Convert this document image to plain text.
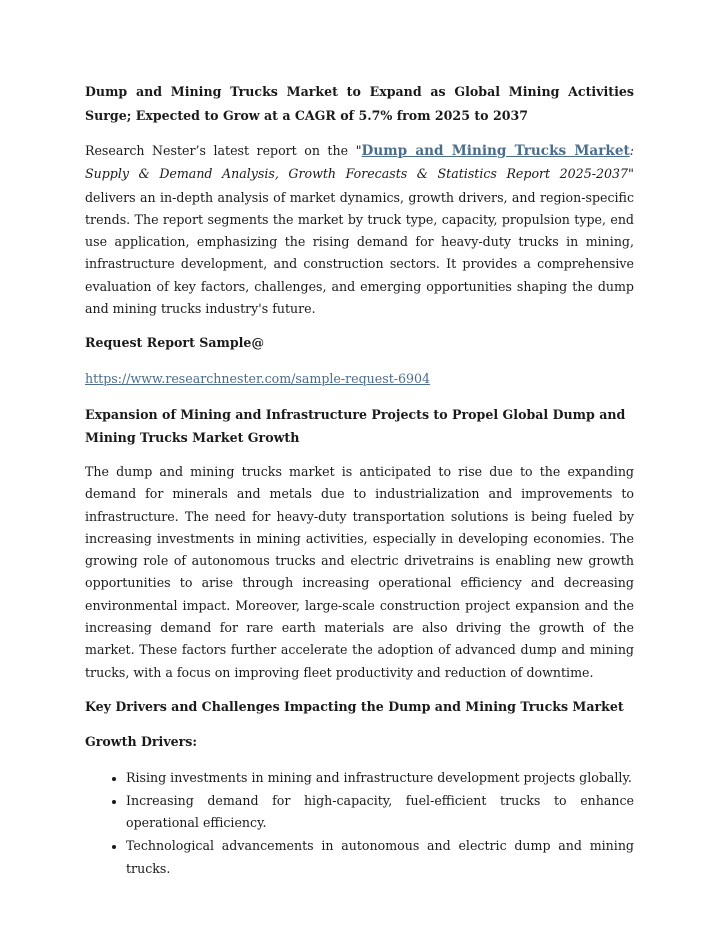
Dump and Mining Trucks Market to Expand as Global Mining Activities Surge; Expected to Grow at a CAGR of 5.7% from 2025 to 2037

Research Nester’s latest report on the "Dump and Mining Trucks Market: Supply & Demand Analysis, Growth Forecasts & Statistics Report 2025-2037" delivers an in-depth analysis of market dynamics, growth drivers, and region-specific trends. The report segments the market by truck type, capacity, propulsion type, end use application, emphasizing the rising demand for heavy-duty trucks in mining, infrastructure development, and construction sectors. It provides a comprehensive evaluation of key factors, challenges, and emerging opportunities shaping the dump and mining trucks industry's future.

Request Report Sample@

https://www.researchnester.com/sample-request-6904

Expansion of Mining and Infrastructure Projects to Propel Global Dump and Mining Trucks Market Growth

The dump and mining trucks market is anticipated to rise due to the expanding demand for minerals and metals due to industrialization and improvements to infrastructure. The need for heavy-duty transportation solutions is being fueled by increasing investments in mining activities, especially in developing economies. The growing role of autonomous trucks and electric drivetrains is enabling new growth opportunities to arise through increasing operational efficiency and decreasing environmental impact. Moreover, large-scale construction project expansion and the increasing demand for rare earth materials are also driving the growth of the market. These factors further accelerate the adoption of advanced dump and mining trucks, with a focus on improving fleet productivity and reduction of downtime.

Key Drivers and Challenges Impacting the Dump and Mining Trucks Market
Growth Drivers:
• Rising investments in mining and infrastructure development projects globally.
• Increasing demand for high-capacity, fuel-efficient trucks to enhance operational efficiency.
• Technological advancements in autonomous and electric dump and mining trucks.
